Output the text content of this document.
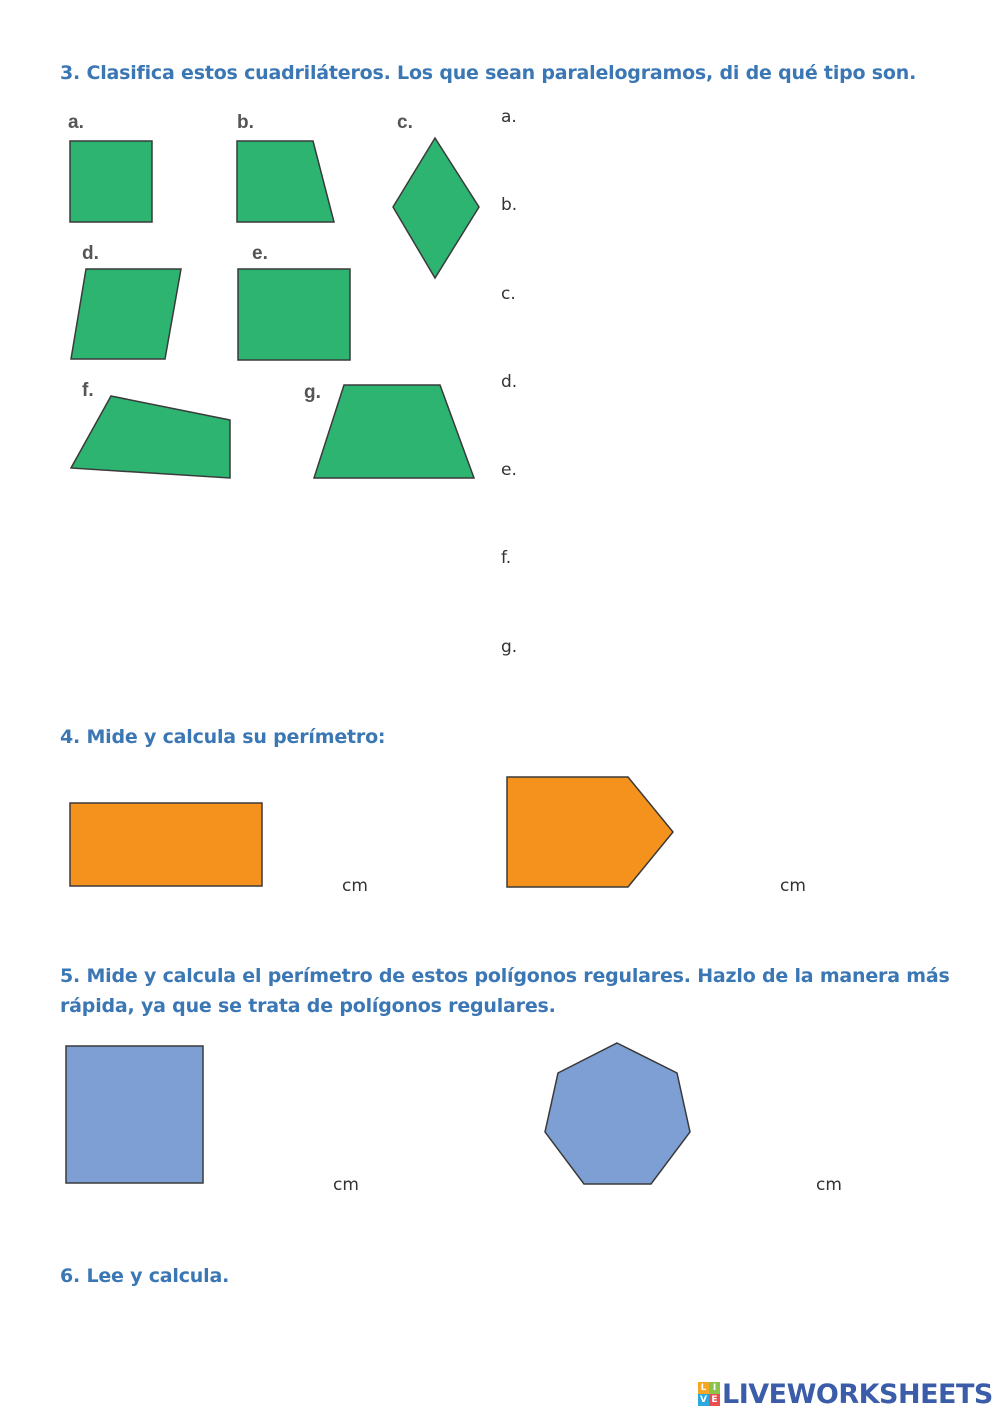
3. Clasifica estos cuadriláteros. Los que sean paralelogramos, di de qué tipo son.
a.	b.	c.
d.	e.
f.	g.
a.
b.
c.
d.
e.
f.
g.
4. Mide y calcula su perímetro:
cm	cm
5. Mide y calcula el perímetro de estos polígonos regulares. Hazlo de la manera más
rápida, ya que se trata de polígonos regulares.
cm	cm
6. Lee y calcula.
L I
V E LIVEWORKSHEETS
